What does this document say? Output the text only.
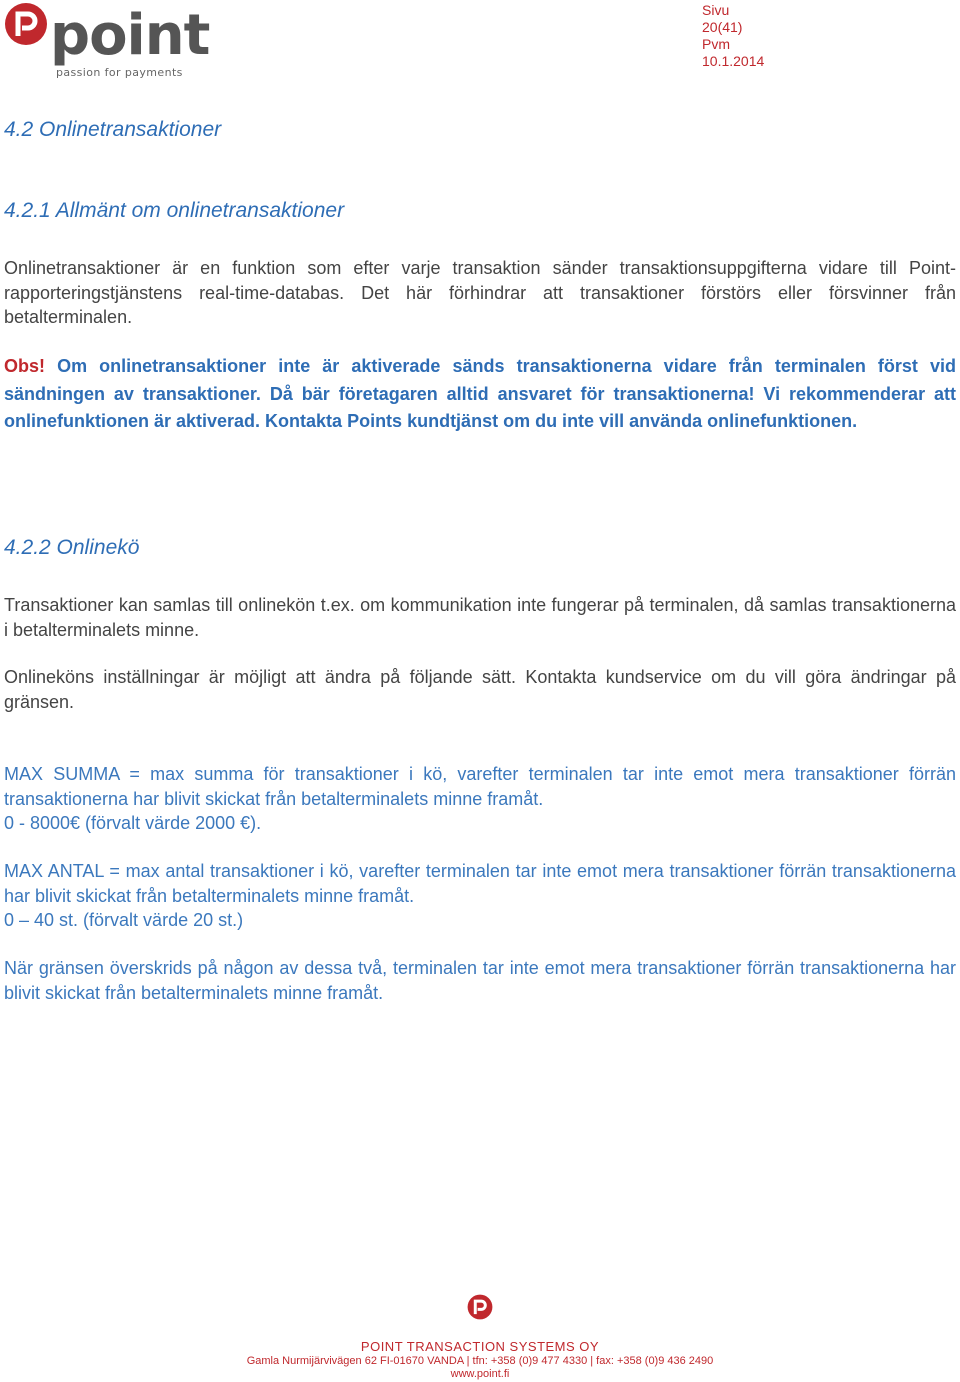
point
passion for payments
Sivu
20(41)
Pvm
10.1.2014
4.2 Onlinetransaktioner
4.2.1 Allmänt om onlinetransaktioner
Onlinetransaktioner är en funktion som efter varje transaktion sänder transaktionsuppgifterna vidare till Point-rapporteringstjänstens real-time-databas. Det här förhindrar att transaktioner förstörs eller försvinner från betalterminalen.
Obs! Om onlinetransaktioner inte är aktiverade sänds transaktionerna vidare från terminalen först vid sändningen av transaktioner. Då bär företagaren alltid ansvaret för transaktionerna! Vi rekommenderar att onlinefunktionen är aktiverad. Kontakta Points kundtjänst om du inte vill använda onlinefunktionen.
4.2.2 Onlinekö
Transaktioner kan samlas till onlinekön t.ex. om kommunikation inte fungerar på terminalen, då samlas transaktionerna i betalterminalets minne.
Onlineköns inställningar är möjligt att ändra på följande sätt. Kontakta kundservice om du vill göra ändringar på gränsen.
MAX SUMMA = max summa för transaktioner i kö, varefter terminalen tar inte emot mera transaktioner förrän transaktionerna har blivit skickat från betalterminalets minne framåt.
0 - 8000€ (förvalt värde 2000 €).
MAX ANTAL = max antal transaktioner i kö, varefter terminalen tar inte emot mera transaktioner förrän transaktionerna har blivit skickat från betalterminalets minne framåt.
0 – 40 st. (förvalt värde 20 st.)
När gränsen överskrids på någon av dessa två, terminalen tar inte emot mera transaktioner förrän transaktionerna har blivit skickat från betalterminalets minne framåt.
POINT TRANSACTION SYSTEMS OY
Gamla Nurmijärvivägen 62 FI-01670 VANDA | tfn: +358 (0)9 477 4330 | fax: +358 (0)9 436 2490
www.point.fi
